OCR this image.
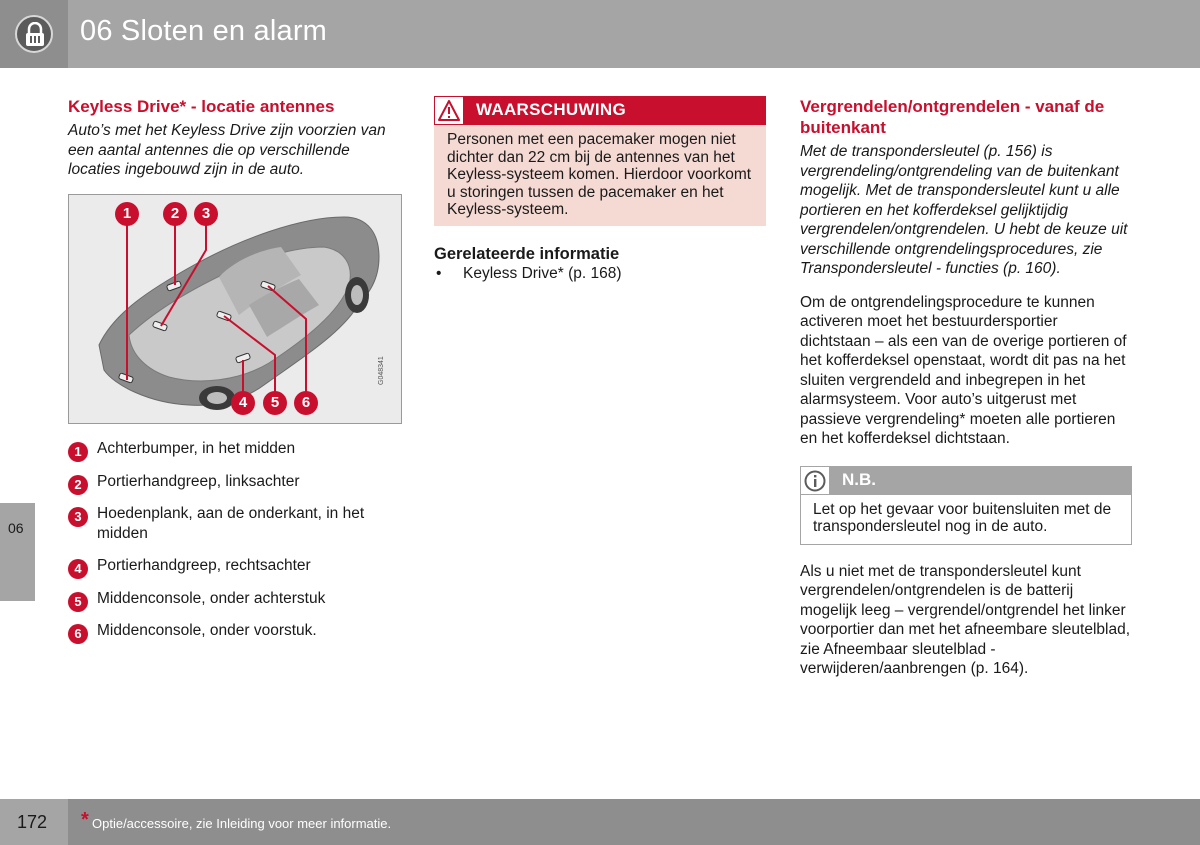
06 Sloten en alarm
06
Keyless Drive* - locatie antennes
Auto’s met het Keyless Drive zijn voorzien van een aantal antennes die op verschillende locaties ingebouwd zijn in de auto.
1	2	3
4	5	6
G048341
1 Achterbumper, in het midden
2 Portierhandgreep, linksachter
3 Hoedenplank, aan de onderkant, in het midden
4 Portierhandgreep, rechtsachter
5 Middenconsole, onder achterstuk
6 Middenconsole, onder voorstuk.
WAARSCHUWING
Personen met een pacemaker mogen niet dichter dan 22 cm bij de antennes van het Keyless-systeem komen. Hierdoor voorkomt u storingen tussen de pacemaker en het Keyless-systeem.
Gerelateerde informatie
• Keyless Drive* (p. 168)
Vergrendelen/ontgrendelen - vanaf de buitenkant
Met de transpondersleutel (p. 156) is vergrendeling/ontgrendeling van de buitenkant mogelijk. Met de transpondersleutel kunt u alle portieren en het kofferdeksel gelijktijdig vergrendelen/ontgrendelen. U hebt de keuze uit verschillende ontgrendelingsprocedures, zie Transpondersleutel - functies (p. 160).
Om de ontgrendelingsprocedure te kunnen activeren moet het bestuurdersportier dichtstaan – als een van de overige portieren of het kofferdeksel openstaat, wordt dit pas na het sluiten vergrendeld and inbegrepen in het alarmsysteem. Voor auto’s uitgerust met passieve vergrendeling* moeten alle portieren en het kofferdeksel dichtstaan.
N.B.
Let op het gevaar voor buitensluiten met de transpondersleutel nog in de auto.
Als u niet met de transpondersleutel kunt vergrendelen/ontgrendelen is de batterij mogelijk leeg – vergrendel/ontgrendel het linker voorportier dan met het afneembare sleutelblad, zie Afneembaar sleutelblad - verwijderen/aanbrengen (p. 164).
172 * Optie/accessoire, zie Inleiding voor meer informatie.
